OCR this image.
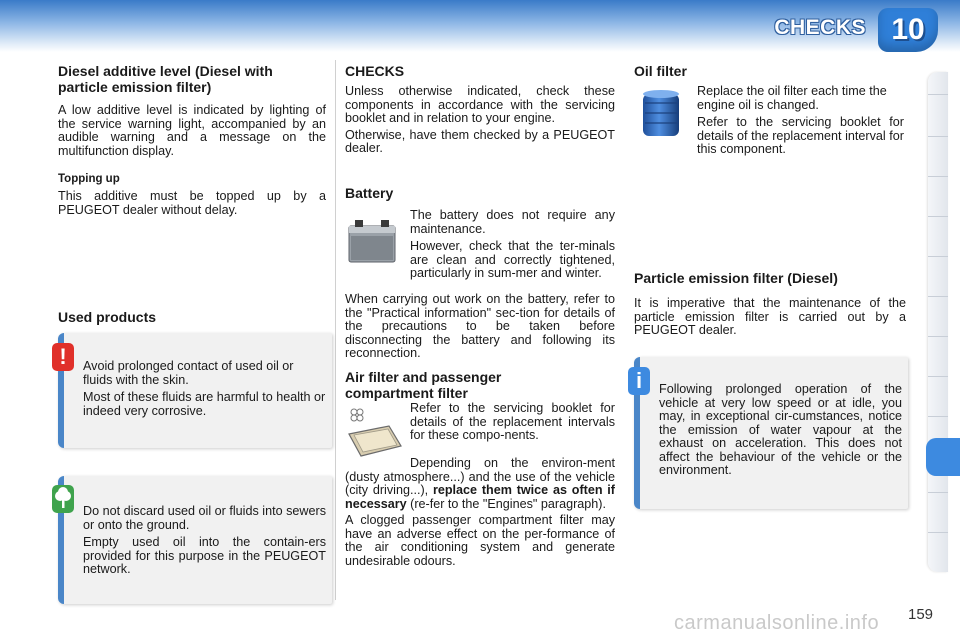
CHECKS 10

Diesel additive level (Diesel with particle emission filter)

A low additive level is indicated by lighting of the service warning light, accompanied by an audible warning and a message on the multifunction display.

Topping up

This additive must be topped up by a PEUGEOT dealer without delay.

Used products

Avoid prolonged contact of used oil or fluids with the skin.

Most of these fluids are harmful to health or indeed very corrosive.

!

Do not discard used oil or fluids into sewers or onto the ground.

Empty used oil into the contain-ers provided for this purpose in the PEUGEOT network.

CHECKS

Unless otherwise indicated, check these components in accordance with the servicing booklet and in relation to your engine.

Otherwise, have them checked by a PEUGEOT dealer.

Battery

The battery does not require any maintenance.

However, check that the ter-minals are clean and correctly tightened, particularly in sum-mer and winter.

When carrying out work on the battery, refer to the "Practical information" sec-tion for details of the precautions to be taken before disconnecting the battery and following its reconnection.

Air filter and passenger compartment filter

Refer to the servicing booklet for details of the replacement intervals for these compo-nents.

Depending on the environ-ment (dusty atmosphere...) and the use of the vehicle (city driving...), replace them twice as often if necessary (re-fer to the "Engines" paragraph).

A clogged passenger compartment filter may have an adverse effect on the per-formance of the air conditioning system and generate undesirable odours.

Oil filter

Replace the oil filter each time the engine oil is changed.

Refer to the servicing booklet for details of the replacement interval for this component.

Particle emission filter (Diesel)

It is imperative that the maintenance of the particle emission filter is carried out by a PEUGEOT dealer.

Following prolonged operation of the vehicle at very low speed or at idle, you may, in exceptional cir-cumstances, notice the emission of water vapour at the exhaust on acceleration. This does not affect the behaviour of the vehicle or the environment.

i
carmanualsonline.info 159
